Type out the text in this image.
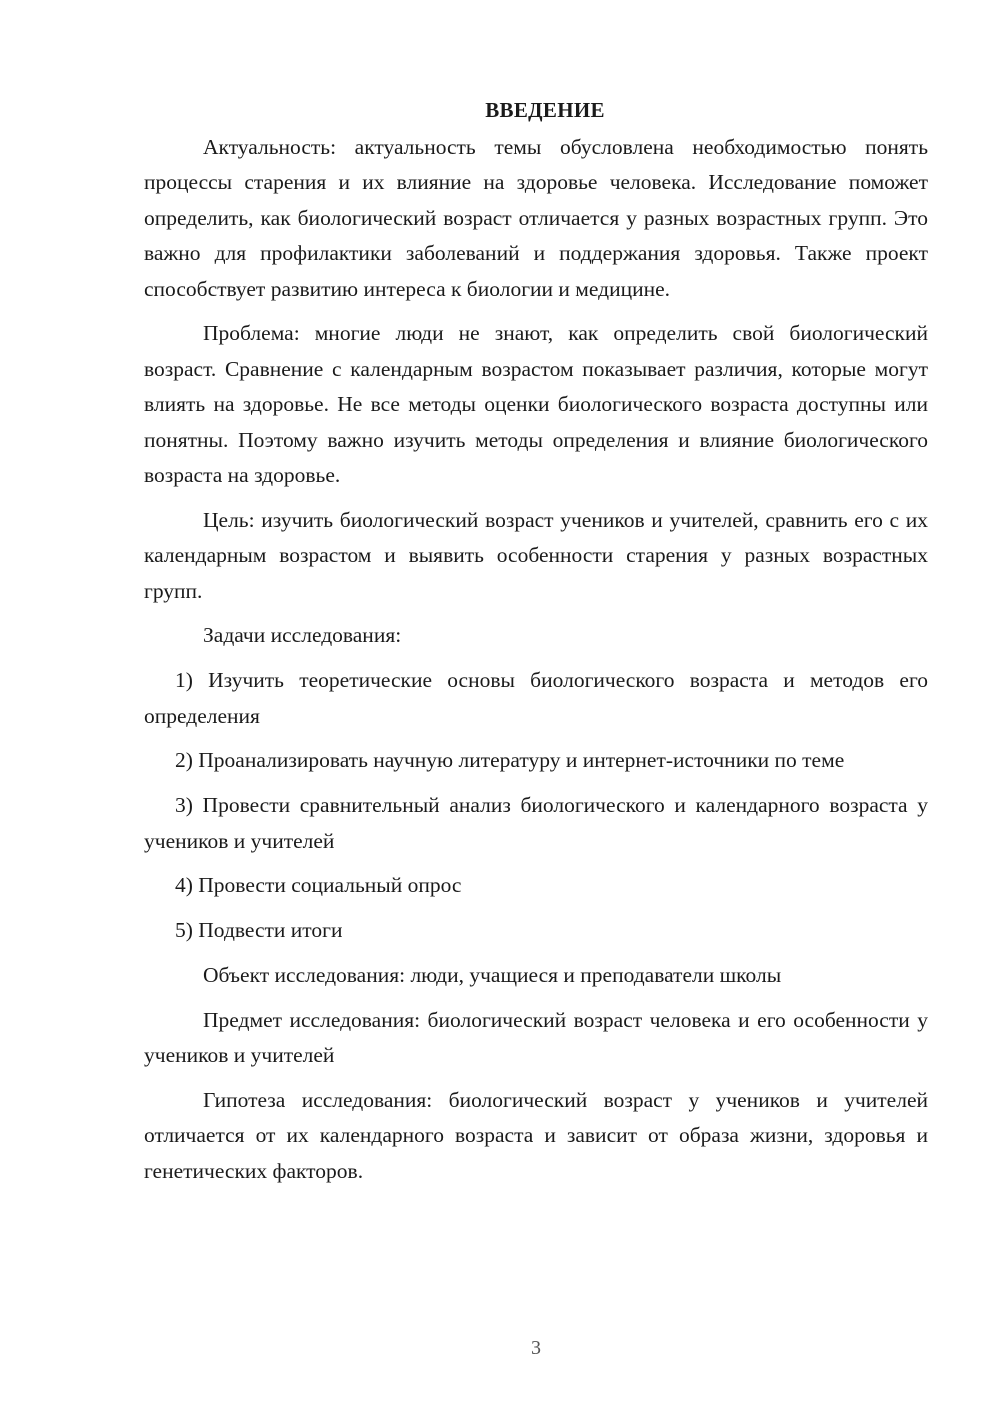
ВВЕДЕНИЕ

Актуальность: актуальность темы обусловлена необходимостью понять процессы старения и их влияние на здоровье человека. Исследование поможет определить, как биологический возраст отличается у разных возрастных групп. Это важно для профилактики заболеваний и поддержания здоровья. Также проект способствует развитию интереса к биологии и медицине.

Проблема: многие люди не знают, как определить свой биологический возраст. Сравнение с календарным возрастом показывает различия, которые могут влиять на здоровье. Не все методы оценки биологического возраста доступны или понятны. Поэтому важно изучить методы определения и влияние биологического возраста на здоровье.

Цель: изучить биологический возраст учеников и учителей, сравнить его с их календарным возрастом и выявить особенности старения у разных возрастных групп.

Задачи исследования:

1) Изучить теоретические основы биологического возраста и методов его определения

2) Проанализировать научную литературу и интернет-источники по теме

3) Провести сравнительный анализ биологического и календарного возраста у учеников и учителей

4) Провести социальный опрос

5) Подвести итоги

Объект исследования: люди, учащиеся и преподаватели школы

Предмет исследования: биологический возраст человека и его особенности у учеников и учителей

Гипотеза исследования: биологический возраст у учеников и учителей отличается от их календарного возраста и зависит от образа жизни, здоровья и генетических факторов.

3
